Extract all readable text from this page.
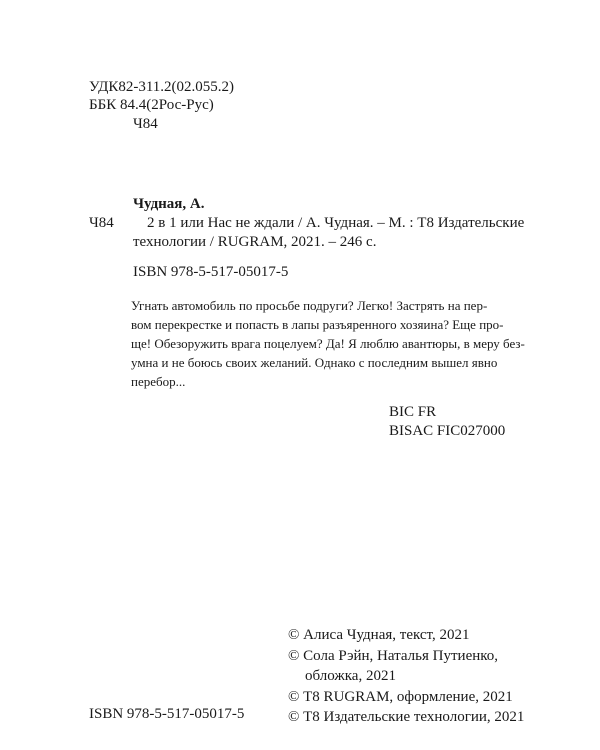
УДК82-311.2(02.055.2)
ББК 84.4(2Рос-Рус)
Ч84
Чудная, А.
Ч84 2 в 1 или Нас не ждали / А. Чудная. – М. : Т8 Издательские
технологии / RUGRAM, 2021. – 246 с.
ISBN 978-5-517-05017-5
Угнать автомобиль по просьбе подруги? Легко! Застрять на пер-
вом перекрестке и попасть в лапы разъяренного хозяина? Еще про-
ще! Обезоружить врага поцелуем? Да! Я люблю авантюры, в меру без-
умна и не боюсь своих желаний. Однако с последним вышел явно
перебор...
BIC FR
BISAC FIC027000
© Алиса Чудная, текст, 2021
© Сола Рэйн, Наталья Путиенко,
обложка, 2021
© Т8 RUGRAM, оформление, 2021
© Т8 Издательские технологии, 2021
ISBN 978-5-517-05017-5
